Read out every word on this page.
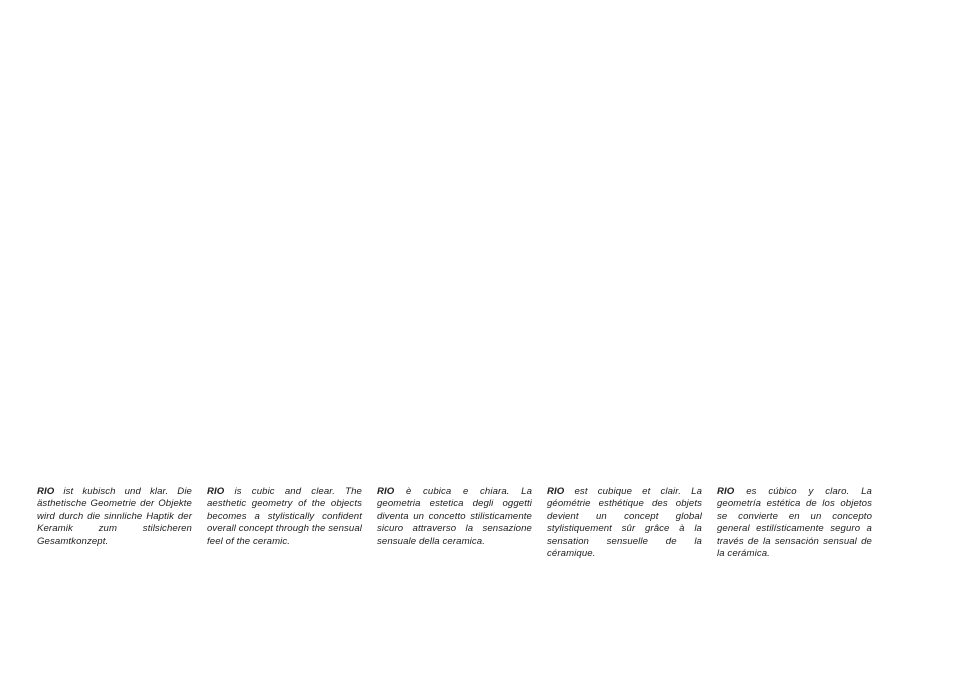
RIO ist kubisch und klar. Die ästhetische Geometrie der Objekte wird durch die sinnliche Haptik der Keramik zum stilsicheren Gesamtkonzept.

RIO is cubic and clear. The aesthetic geometry of the objects becomes a stylistically confident overall concept through the sensual feel of the ceramic.

RIO è cubica e chiara. La geometria estetica degli oggetti diventa un concetto stilisticamente sicuro attraverso la sensazione sensuale della ceramica.

RIO est cubique et clair. La géométrie esthétique des objets devient un concept global stylistiquement sûr grâce à la sensation sensuelle de la céramique.

RIO es cúbico y claro. La geometría estética de los objetos se convierte en un concepto general estilísticamente seguro a través de la sensación sensual de la cerámica.
